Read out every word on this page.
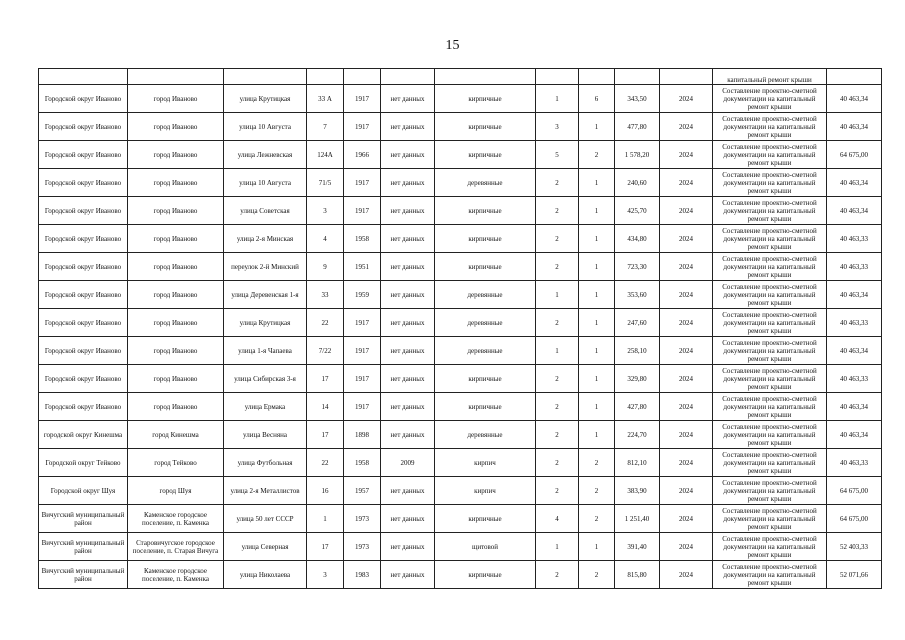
15
											капитальный ремонт крыши	
Городской округ Иваново	город Иваново	улица Крутицкая	33 А	1917	нет данных	кирпичные	1	6	343,50	2024	Составление проектно-сметной документации на капитальный ремонт крыши	40 463,34
Городской округ Иваново	город Иваново	улица 10 Августа	7	1917	нет данных	кирпичные	3	1	477,80	2024	Составление проектно-сметной документации на капитальный ремонт крыши	40 463,34
Городской округ Иваново	город Иваново	улица Лежневская	124А	1966	нет данных	кирпичные	5	2	1 578,20	2024	Составление проектно-сметной документации на капитальный ремонт крыши	64 675,00
Городской округ Иваново	город Иваново	улица 10 Августа	71/5	1917	нет данных	деревянные	2	1	240,60	2024	Составление проектно-сметной документации на капитальный ремонт крыши	40 463,34
Городской округ Иваново	город Иваново	улица Советская	3	1917	нет данных	кирпичные	2	1	425,70	2024	Составление проектно-сметной документации на капитальный ремонт крыши	40 463,34
Городской округ Иваново	город Иваново	улица 2-я Минская	4	1958	нет данных	кирпичные	2	1	434,80	2024	Составление проектно-сметной документации на капитальный ремонт крыши	40 463,33
Городской округ Иваново	город Иваново	переулок 2-й Минский	9	1951	нет данных	кирпичные	2	1	723,30	2024	Составление проектно-сметной документации на капитальный ремонт крыши	40 463,33
Городской округ Иваново	город Иваново	улица Деревенская 1-я	33	1959	нет данных	деревянные	1	1	353,60	2024	Составление проектно-сметной документации на капитальный ремонт крыши	40 463,34
Городской округ Иваново	город Иваново	улица Крутицкая	22	1917	нет данных	деревянные	2	1	247,60	2024	Составление проектно-сметной документации на капитальный ремонт крыши	40 463,33
Городской округ Иваново	город Иваново	улица 1-я Чапаева	7/22	1917	нет данных	деревянные	1	1	258,10	2024	Составление проектно-сметной документации на капитальный ремонт крыши	40 463,34
Городской округ Иваново	город Иваново	улица Сибирская 3-я	17	1917	нет данных	кирпичные	2	1	329,80	2024	Составление проектно-сметной документации на капитальный ремонт крыши	40 463,33
Городской округ Иваново	город Иваново	улица Ермака	14	1917	нет данных	кирпичные	2	1	427,80	2024	Составление проектно-сметной документации на капитальный ремонт крыши	40 463,34
городской округ Кинешма	город Кинешма	улица Весняна	17	1898	нет данных	деревянные	2	1	224,70	2024	Составление проектно-сметной документации на капитальный ремонт крыши	40 463,34
Городской округ Тейково	город Тейково	улица Футбольная	22	1958	2009	кирпич	2	2	812,10	2024	Составление проектно-сметной документации на капитальный ремонт крыши	40 463,33
Городской округ Шуя	город Шуя	улица 2-я Металлистов	16	1957	нет данных	кирпич	2	2	383,90	2024	Составление проектно-сметной документации на капитальный ремонт крыши	64 675,00
Вичугский муниципальный район	Каменское городское поселение, п. Каменка	улица 50 лет СССР	1	1973	нет данных	кирпичные	4	2	1 251,40	2024	Составление проектно-сметной документации на капитальный ремонт крыши	64 675,00
Вичугский муниципальный район	Старовичугское городское поселение, п. Старая Вичуга	улица Северная	17	1973	нет данных	щитовой	1	1	391,40	2024	Составление проектно-сметной документации на капитальный ремонт крыши	52 403,33
Вичугский муниципальный район	Каменское городское поселение, п. Каменка	улица Николаева	3	1983	нет данных	кирпичные	2	2	815,80	2024	Составление проектно-сметной документации на капитальный ремонт крыши	52 071,66
